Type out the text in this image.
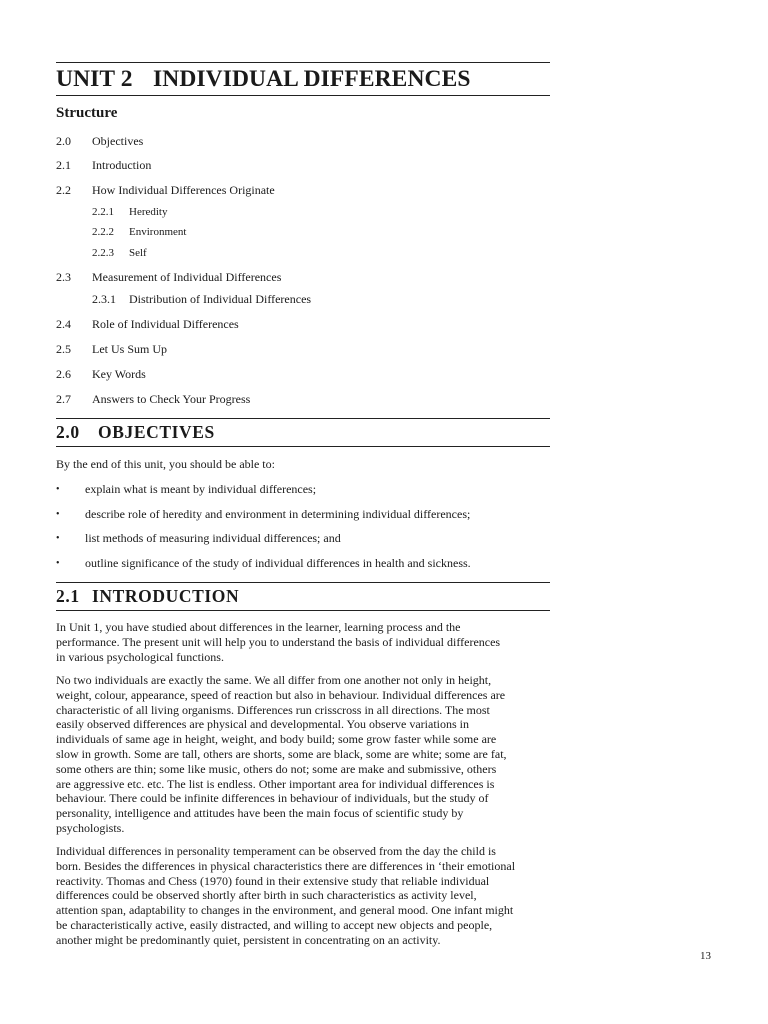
UNIT 2 INDIVIDUAL DIFFERENCES
Structure
2.0 Objectives
2.1 Introduction
2.2 How Individual Differences Originate
2.2.1 Heredity
2.2.2 Environment
2.2.3 Self
2.3 Measurement of Individual Differences
2.3.1 Distribution of Individual Differences
2.4 Role of Individual Differences
2.5 Let Us Sum Up
2.6 Key Words
2.7 Answers to Check Your Progress
2.0 OBJECTIVES
By the end of this unit, you should be able to:
• explain what is meant by individual differences;
• describe role of heredity and environment in determining individual differences;
• list methods of measuring individual differences; and
• outline significance of the study of individual differences in health and sickness.
2.1 INTRODUCTION
In Unit 1, you have studied about differences in the learner, learning process and the
performance. The present unit will help you to understand the basis of individual differences
in various psychological functions.
No two individuals are exactly the same. We all differ from one another not only in height,
weight, colour, appearance, speed of reaction but also in behaviour. Individual differences are
characteristic of all living organisms. Differences run crisscross in all directions. The most
easily observed differences are physical and developmental. You observe variations in
individuals of same age in height, weight, and body build; some grow faster while some are
slow in growth. Some are tall, others are shorts, some are black, some are white; some are fat,
some others are thin; some like music, others do not; some are make and submissive, others
are aggressive etc. etc. The list is endless. Other important area for individual differences is
behaviour. There could be infinite differences in behaviour of individuals, but the study of
personality, intelligence and attitudes have been the main focus of scientific study by
psychologists.
Individual differences in personality temperament can be observed from the day the child is
born. Besides the differences in physical characteristics there are differences in ‘their emotional
reactivity. Thomas and Chess (1970) found in their extensive study that reliable individual
differences could be observed shortly after birth in such characteristics as activity level,
attention span, adaptability to changes in the environment, and general mood. One infant might
be characteristically active, easily distracted, and willing to accept new objects and people,
another might be predominantly quiet, persistent in concentrating on an activity.
13
